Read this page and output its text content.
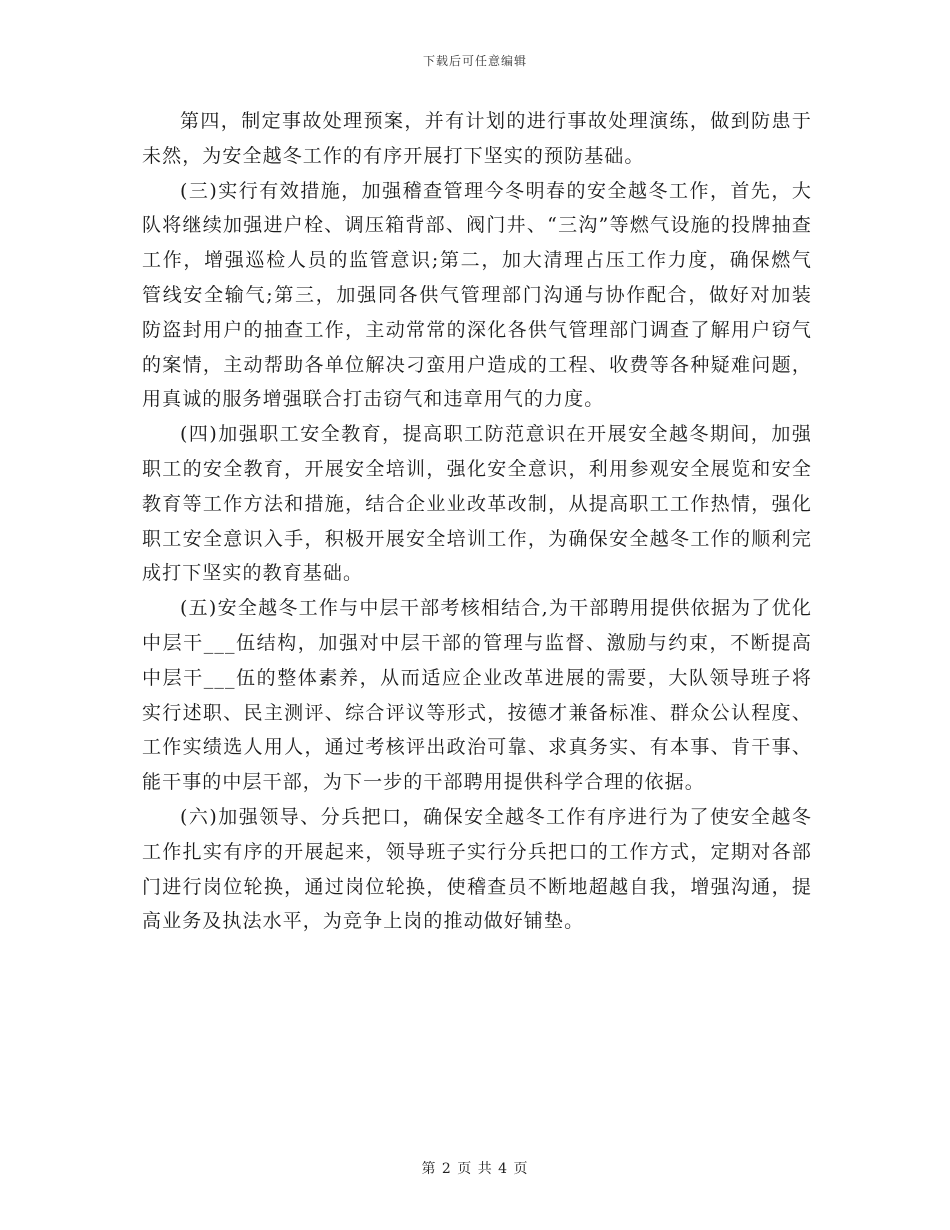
下载后可任意编辑

第四，制定事故处理预案，并有计划的进行事故处理演练，做到防患于未然，为安全越冬工作的有序开展打下坚实的预防基础。

(三)实行有效措施，加强稽查管理今冬明春的安全越冬工作，首先，大队将继续加强进户栓、调压箱背部、阀门井、“三沟”等燃气设施的投牌抽查工作，增强巡检人员的监管意识;第二，加大清理占压工作力度，确保燃气管线安全输气;第三，加强同各供气管理部门沟通与协作配合，做好对加装防盗封用户的抽查工作，主动常常的深化各供气管理部门调查了解用户窃气的案情，主动帮助各单位解决刁蛮用户造成的工程、收费等各种疑难问题，用真诚的服务增强联合打击窃气和违章用气的力度。

(四)加强职工安全教育，提高职工防范意识在开展安全越冬期间，加强职工的安全教育，开展安全培训，强化安全意识，利用参观安全展览和安全教育等工作方法和措施，结合企业业改革改制，从提高职工工作热情，强化职工安全意识入手，积极开展安全培训工作，为确保安全越冬工作的顺利完成打下坚实的教育基础。

(五)安全越冬工作与中层干部考核相结合,为干部聘用提供依据为了优化中层干___伍结构，加强对中层干部的管理与监督、激励与约束，不断提高中层干___伍的整体素养，从而适应企业改革进展的需要，大队领导班子将实行述职、民主测评、综合评议等形式，按德才兼备标准、群众公认程度、工作实绩选人用人，通过考核评出政治可靠、求真务实、有本事、肯干事、能干事的中层干部，为下一步的干部聘用提供科学合理的依据。

(六)加强领导、分兵把口，确保安全越冬工作有序进行为了使安全越冬工作扎实有序的开展起来，领导班子实行分兵把口的工作方式，定期对各部门进行岗位轮换，通过岗位轮换，使稽查员不断地超越自我，增强沟通，提高业务及执法水平，为竞争上岗的推动做好铺垫。

第 2 页 共 4 页
